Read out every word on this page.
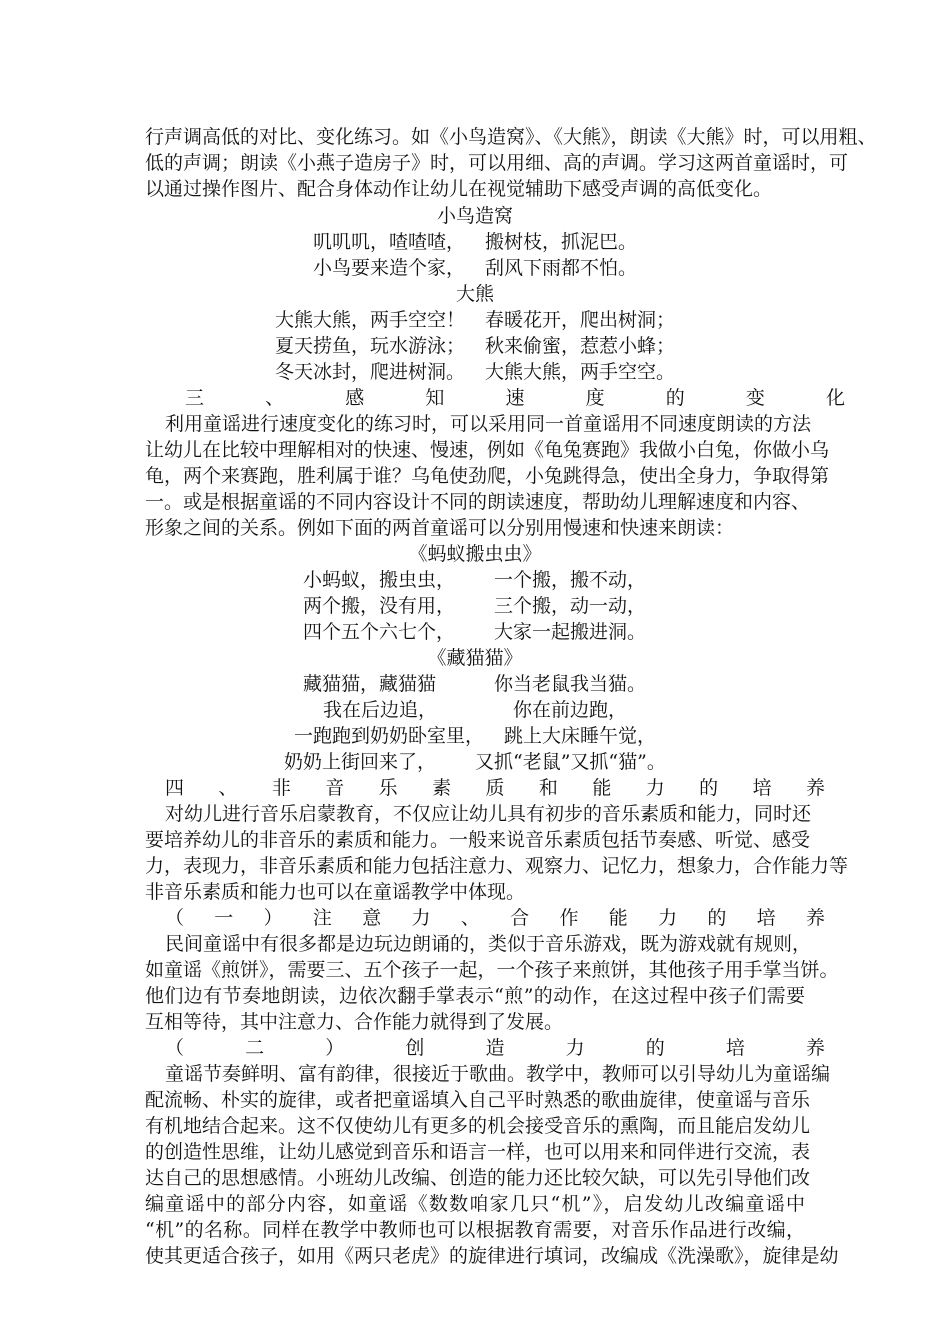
行声调高低的对比、变化练习。如《小鸟造窝》、《大熊》，朗读《大熊》时，可以用粗、
低的声调；朗读《小燕子造房子》时，可以用细、高的声调。学习这两首童谣时，可
以通过操作图片、配合身体动作让幼儿在视觉辅助下感受声调的高低变化。
小鸟造窝
叽叽叽，喳喳喳， 搬树枝，抓泥巴。
小鸟要来造个家， 刮风下雨都不怕。
大熊
大熊大熊，两手空空！ 春暖花开，爬出树洞；
夏天捞鱼，玩水游泳； 秋来偷蜜，惹惹小蜂；
冬天冰封，爬进树洞。 大熊大熊，两手空空。
三、感知速度的变化
利用童谣进行速度变化的练习时，可以采用同一首童谣用不同速度朗读的方法
让幼儿在比较中理解相对的快速、慢速，例如《龟兔赛跑》我做小白兔，你做小乌
龟，两个来赛跑，胜利属于谁？乌龟使劲爬，小兔跳得急，使出全身力，争取得第
一。或是根据童谣的不同内容设计不同的朗读速度，帮助幼儿理解速度和内容、
形象之间的关系。例如下面的两首童谣可以分别用慢速和快速来朗读：
《蚂蚁搬虫虫》
小蚂蚁，搬虫虫， 一个搬，搬不动，
两个搬，没有用， 三个搬，动一动，
四个五个六七个， 大家一起搬进洞。
《藏猫猫》
藏猫猫，藏猫猫	你当老鼠我当猫。
我在后边追，	你在前边跑，
一跑跑到奶奶卧室里， 跳上大床睡午觉，
奶奶上街回来了， 又抓“老鼠”又抓“猫”。
四、非音乐素质和能力的培养
对幼儿进行音乐启蒙教育，不仅应让幼儿具有初步的音乐素质和能力，同时还
要培养幼儿的非音乐的素质和能力。一般来说音乐素质包括节奏感、听觉、感受
力，表现力，非音乐素质和能力包括注意力、观察力、记忆力，想象力，合作能力等
非音乐素质和能力也可以在童谣教学中体现。
（一）注意力、合作能力的培养
民间童谣中有很多都是边玩边朗诵的，类似于音乐游戏，既为游戏就有规则，
如童谣《煎饼》，需要三、五个孩子一起，一个孩子来煎饼，其他孩子用手掌当饼。
他们边有节奏地朗读，边依次翻手掌表示“煎”的动作，在这过程中孩子们需要
互相等待，其中注意力、合作能力就得到了发展。
（二）创造力的培养
童谣节奏鲜明、富有韵律，很接近于歌曲。教学中，教师可以引导幼儿为童谣编
配流畅、朴实的旋律，或者把童谣填入自己平时熟悉的歌曲旋律，使童谣与音乐
有机地结合起来。这不仅使幼儿有更多的机会接受音乐的熏陶，而且能启发幼儿
的创造性思维，让幼儿感觉到音乐和语言一样，也可以用来和同伴进行交流，表
达自己的思想感情。小班幼儿改编、创造的能力还比较欠缺，可以先引导他们改
编童谣中的部分内容，如童谣《数数咱家几只“机”》，启发幼儿改编童谣中
“机”的名称。同样在教学中教师也可以根据教育需要，对音乐作品进行改编，
使其更适合孩子，如用《两只老虎》的旋律进行填词，改编成《洗澡歌》，旋律是幼
